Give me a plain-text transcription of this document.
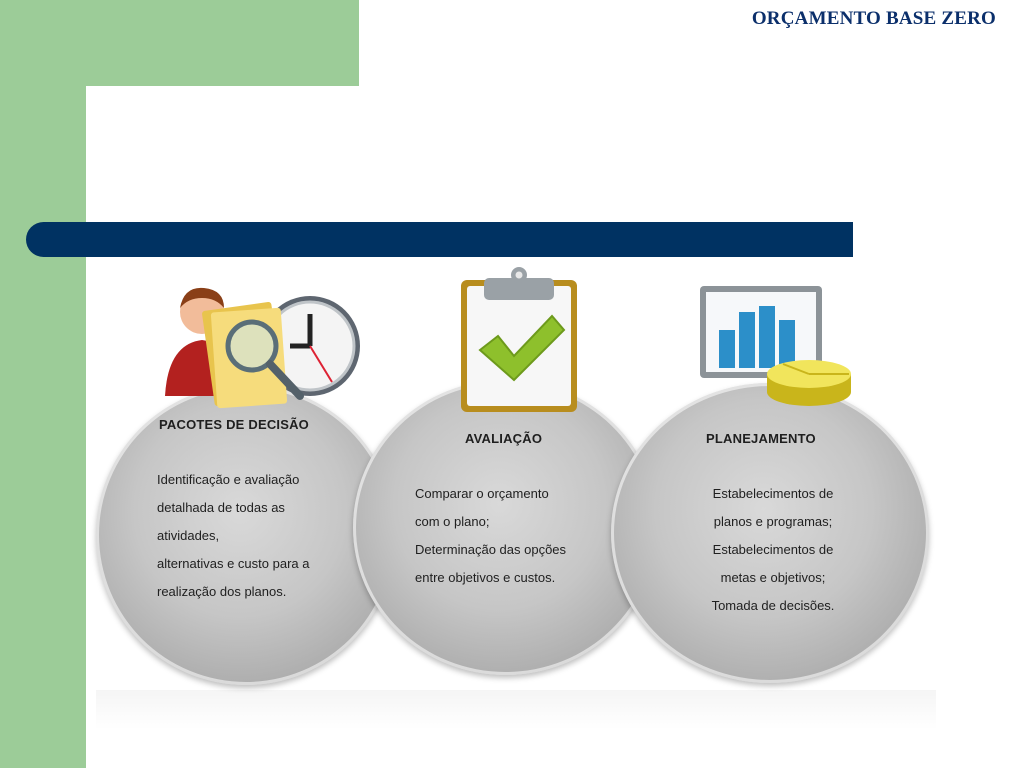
ORÇAMENTO BASE ZERO
PACOTES DE DECISÃO
Identificação e avaliação
detalhada de todas as
atividades,
alternativas e custo para a
realização dos planos.
AVALIAÇÃO
Comparar o orçamento
com o plano;
Determinação das opções
entre objetivos e custos.
PLANEJAMENTO
Estabelecimentos de
planos e programas;
Estabelecimentos de
metas e objetivos;
Tomada de decisões.
